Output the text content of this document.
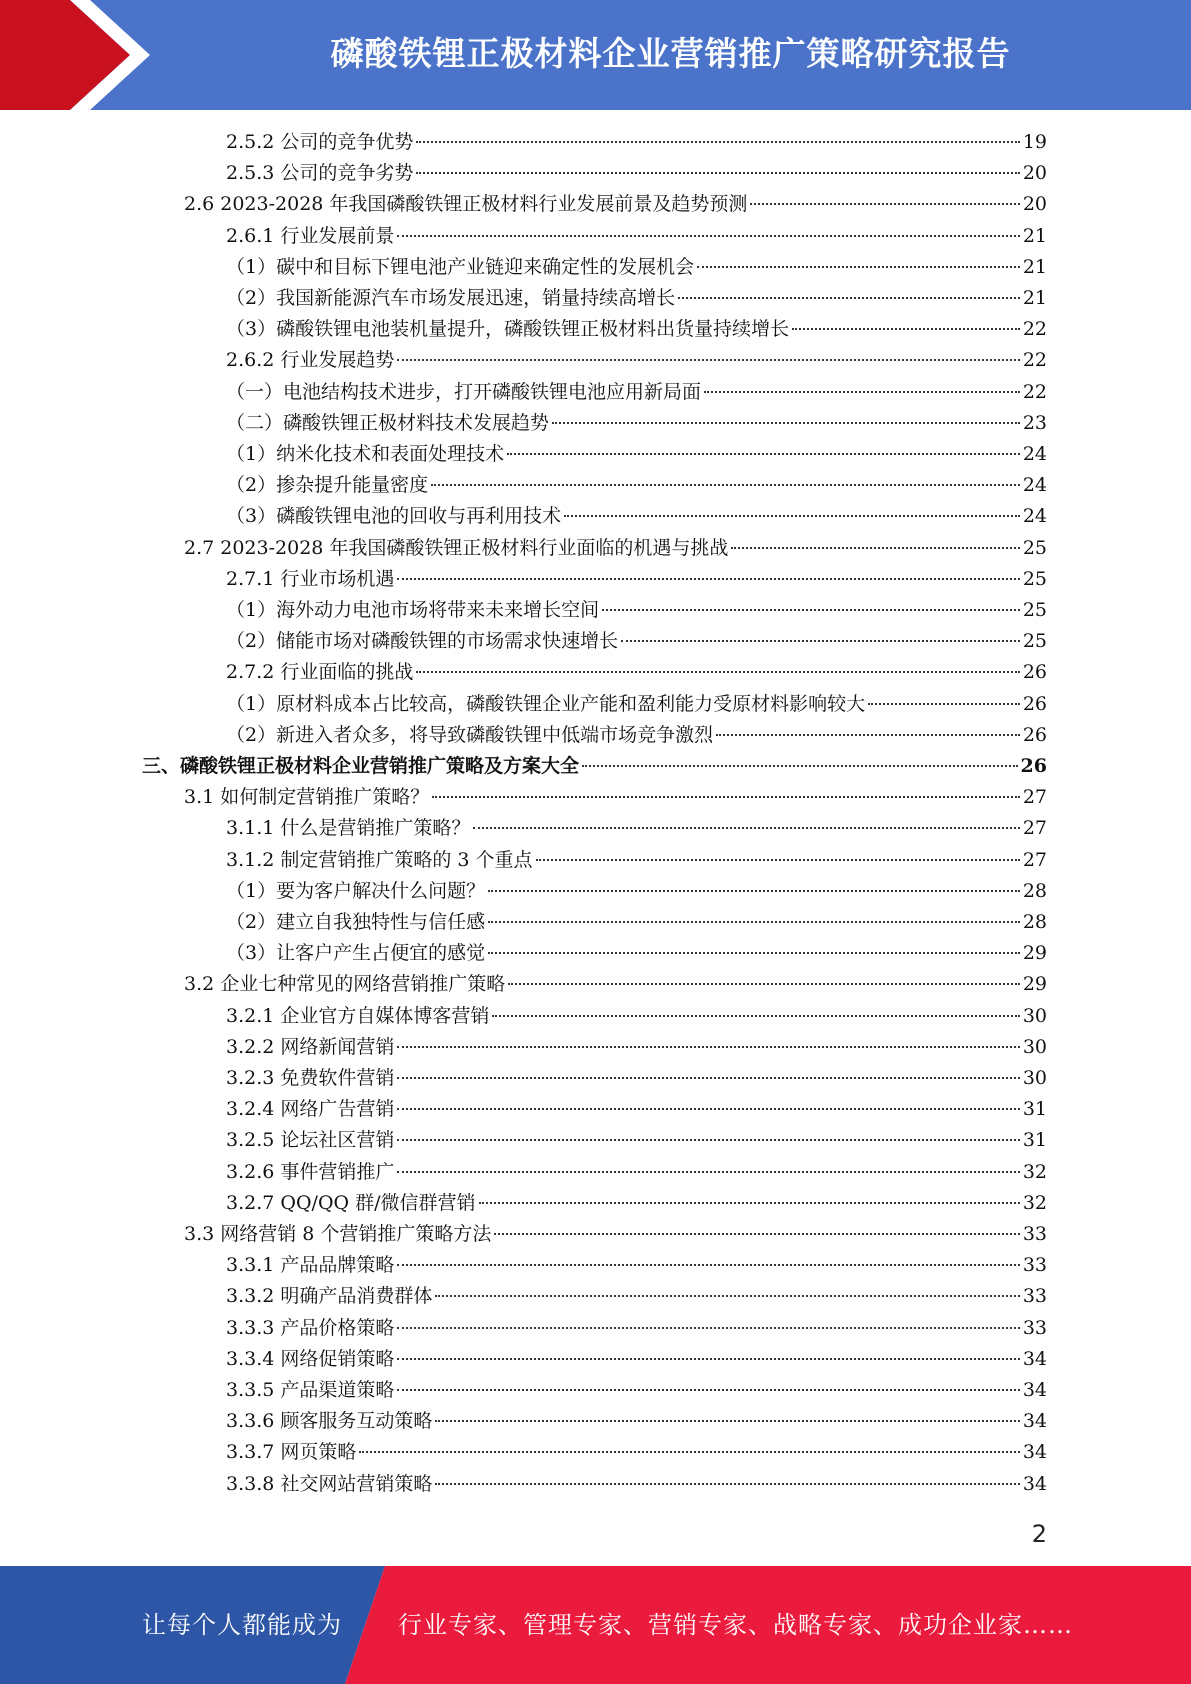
磷酸铁锂正极材料企业营销推广策略研究报告
2.5.2 公司的竞争优势	19
2.5.3 公司的竞争劣势	20
2.6 2023-2028 年我国磷酸铁锂正极材料行业发展前景及趋势预测	20
2.6.1 行业发展前景	21
（1）碳中和目标下锂电池产业链迎来确定性的发展机会	21
（2）我国新能源汽车市场发展迅速，销量持续高增长	21
（3）磷酸铁锂电池装机量提升，磷酸铁锂正极材料出货量持续增长	22
2.6.2 行业发展趋势	22
（一）电池结构技术进步，打开磷酸铁锂电池应用新局面	22
（二）磷酸铁锂正极材料技术发展趋势	23
（1）纳米化技术和表面处理技术	24
（2）掺杂提升能量密度	24
（3）磷酸铁锂电池的回收与再利用技术	24
2.7 2023-2028 年我国磷酸铁锂正极材料行业面临的机遇与挑战	25
2.7.1 行业市场机遇	25
（1）海外动力电池市场将带来未来增长空间	25
（2）储能市场对磷酸铁锂的市场需求快速增长	25
2.7.2 行业面临的挑战	26
（1）原材料成本占比较高，磷酸铁锂企业产能和盈利能力受原材料影响较大	26
（2）新进入者众多，将导致磷酸铁锂中低端市场竞争激烈	26
三、磷酸铁锂正极材料企业营销推广策略及方案大全	26
3.1 如何制定营销推广策略？	27
3.1.1 什么是营销推广策略？	27
3.1.2 制定营销推广策略的 3 个重点	27
（1）要为客户解决什么问题？	28
（2）建立自我独特性与信任感	28
（3）让客户产生占便宜的感觉	29
3.2 企业七种常见的网络营销推广策略	29
3.2.1 企业官方自媒体博客营销	30
3.2.2 网络新闻营销	30
3.2.3 免费软件营销	30
3.2.4 网络广告营销	31
3.2.5 论坛社区营销	31
3.2.6 事件营销推广	32
3.2.7 QQ/QQ 群/微信群营销	32
3.3 网络营销 8 个营销推广策略方法	33
3.3.1 产品品牌策略	33
3.3.2 明确产品消费群体	33
3.3.3 产品价格策略	33
3.3.4 网络促销策略	34
3.3.5 产品渠道策略	34
3.3.6 顾客服务互动策略	34
3.3.7 网页策略	34
3.3.8 社交网站营销策略	34
2
让每个人都能成为 行业专家、管理专家、营销专家、战略专家、成功企业家……
